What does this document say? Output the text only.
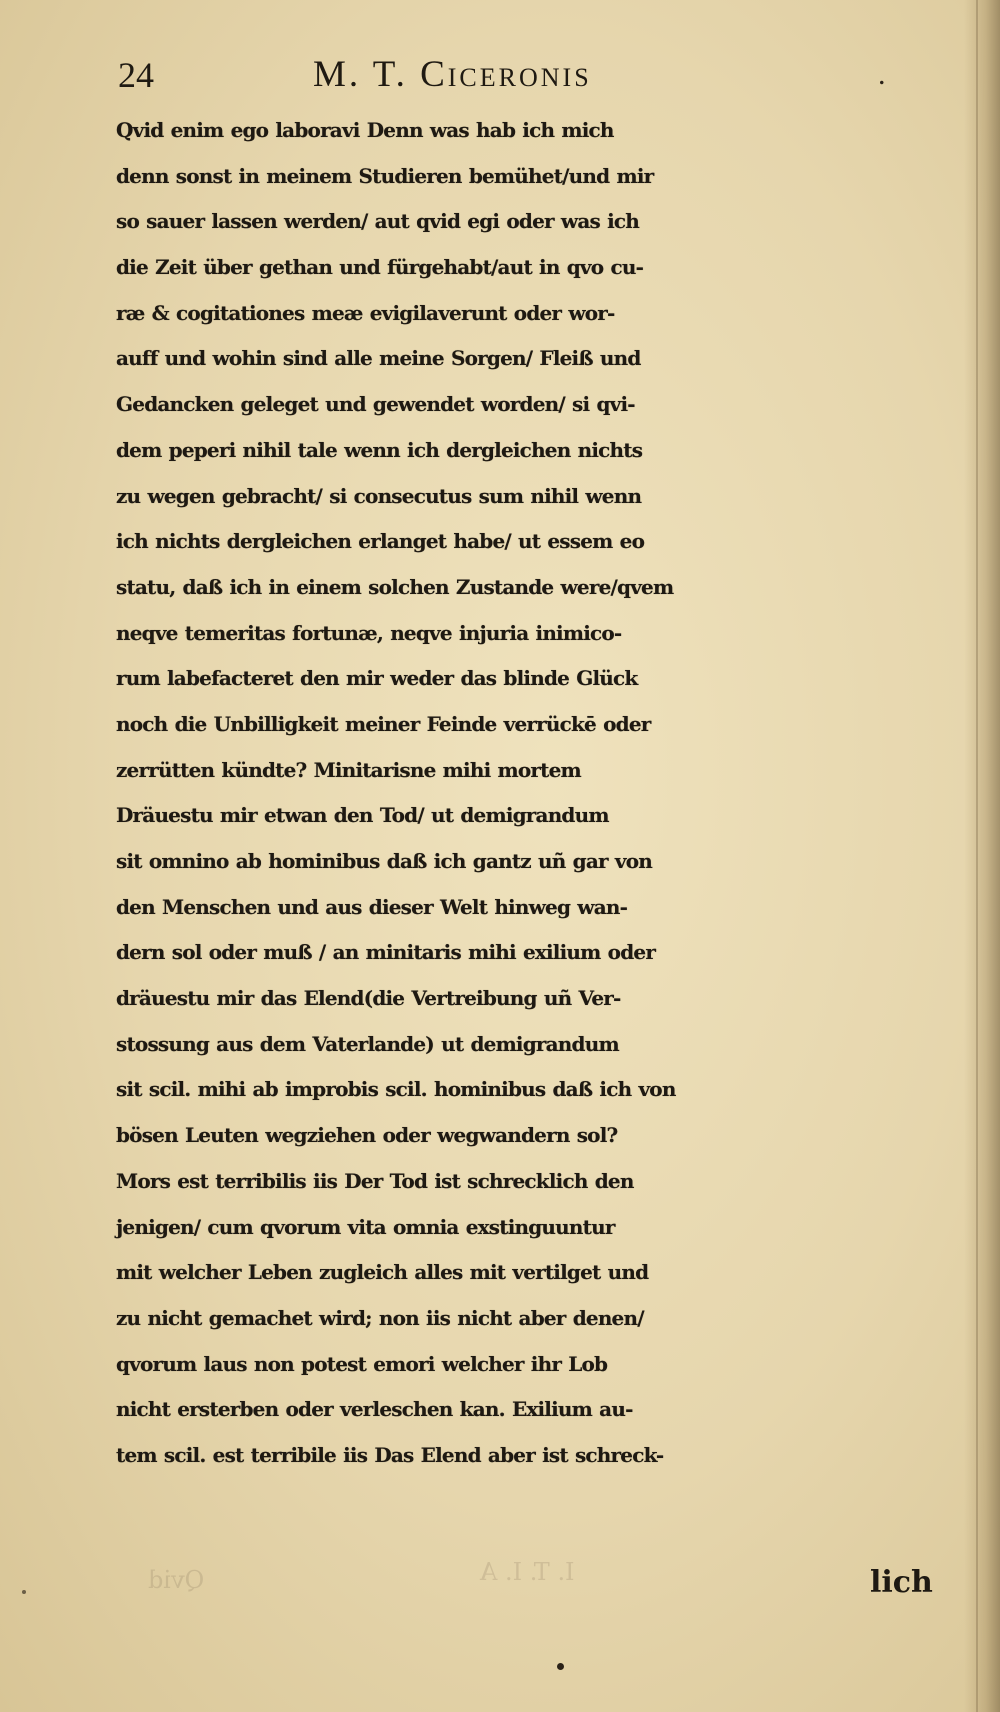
Qvid	I. T. I. A
24	M. T. Ciceronis	.
Qvid enim ego laboravi Denn was hab ich mich
denn sonst in meinem Studieren bemühet/und mir
so sauer lassen werden/ aut qvid egi oder was ich
die Zeit über gethan und fürgehabt/aut in qvo cu-
ræ & cogitationes meæ evigilaverunt oder wor-
auff und wohin sind alle meine Sorgen/ Fleiß und
Gedancken geleget und gewendet worden/ si qvi-
dem peperi nihil tale wenn ich dergleichen nichts
zu wegen gebracht/ si consecutus sum nihil wenn
ich nichts dergleichen erlanget habe/ ut essem eo
statu, daß ich in einem solchen Zustande were/qvem
neqve temeritas fortunæ, neqve injuria inimico-
rum labefacteret den mir weder das blinde Glück
noch die Unbilligkeit meiner Feinde verrückē oder
zerrütten kündte? Minitarisne mihi mortem
Dräuestu mir etwan den Tod/ ut demigrandum
sit omnino ab hominibus daß ich gantz uñ gar von
den Menschen und aus dieser Welt hinweg wan-
dern sol oder muß / an minitaris mihi exilium oder
dräuestu mir das Elend(die Vertreibung uñ Ver-
stossung aus dem Vaterlande) ut demigrandum
sit scil. mihi ab improbis scil. hominibus daß ich von
bösen Leuten wegziehen oder wegwandern sol?
Mors est terribilis iis Der Tod ist schrecklich den
jenigen/ cum qvorum vita omnia exstinguuntur
mit welcher Leben zugleich alles mit vertilget und
zu nicht gemachet wird; non iis nicht aber denen/
qvorum laus non potest emori welcher ihr Lob
nicht ersterben oder verleschen kan. Exilium au-
tem scil. est terribile iis Das Elend aber ist schreck-
lich
